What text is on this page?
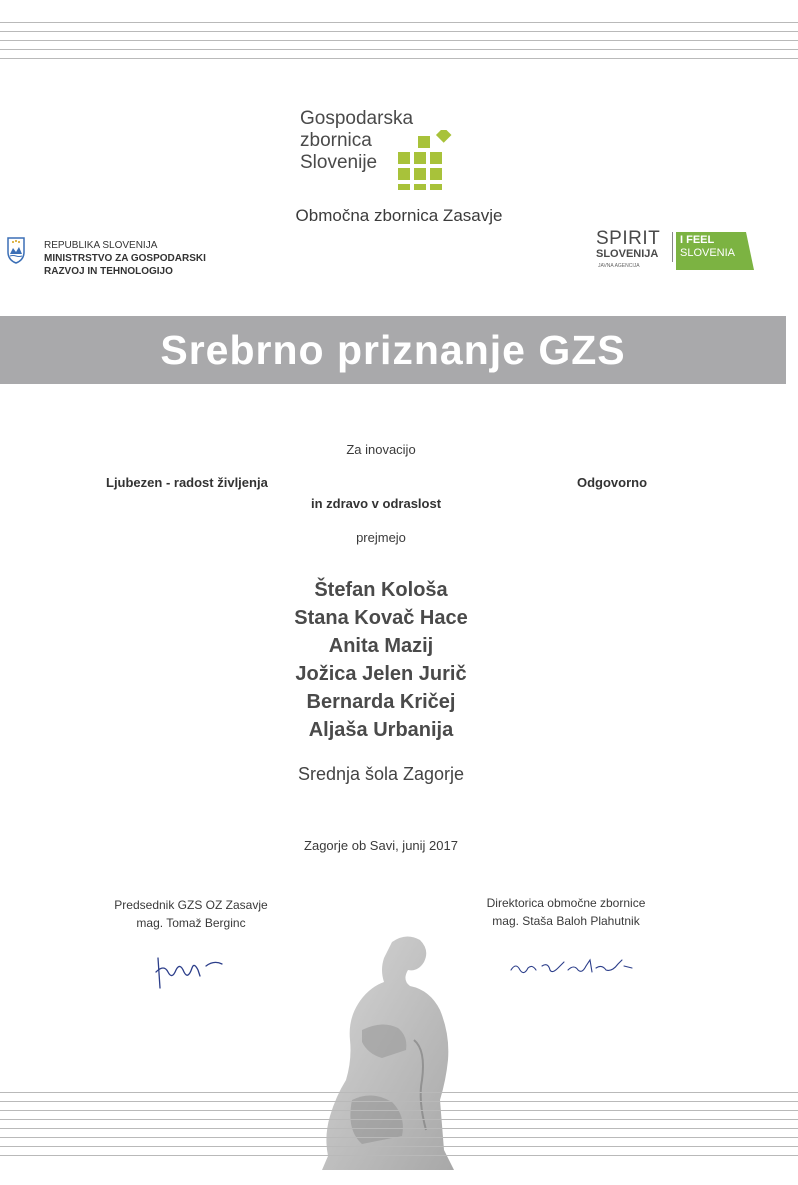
Gospodarska
zbornica
Slovenije
Območna zbornica Zasavje
REPUBLIKA SLOVENIJA
MINISTRSTVO ZA GOSPODARSKI
RAZVOJ IN TEHNOLOGIJO
SPIRIT
SLOVENIJA
JAVNA AGENCIJA
I FEEL
SLOVENIA
Srebrno priznanje GZS
Za inovacijo
Ljubezen - radost življenja	Odgovorno
in zdravo v odraslost
prejmejo
Štefan Kološa
Stana Kovač Hace
Anita Mazij
Jožica Jelen Jurič
Bernarda Kričej
Aljaša Urbanija
Srednja šola Zagorje
Zagorje ob Savi, junij 2017
Predsednik GZS OZ Zasavje
mag. Tomaž Berginc
Direktorica območne zbornice
mag. Staša Baloh Plahutnik
